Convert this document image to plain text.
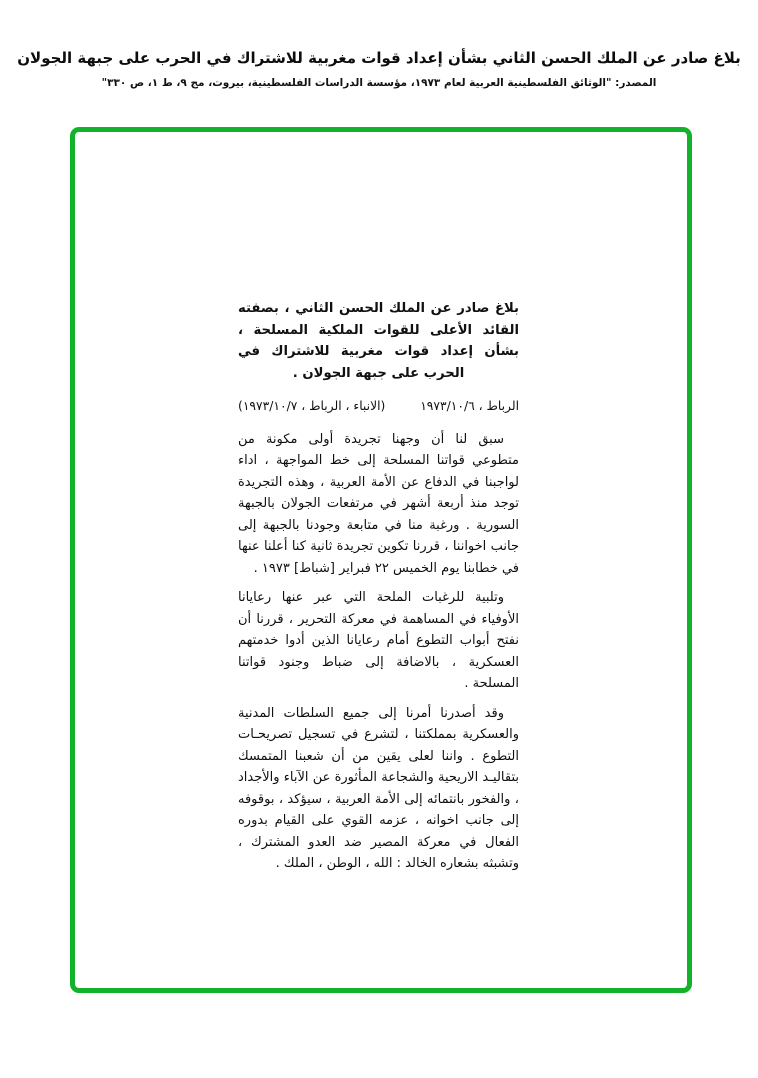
بلاغ صادر عن الملك الحسن الثاني بشأن إعداد قوات مغربية للاشتراك في الحرب على جبهة الجولان
المصدر: "الوثائق الفلسطينية العربية لعام ١٩٧٣، مؤسسة الدراسات الفلسطينية، بيروت، مج ٩، ط ١، ص ٣٣٠"
بلاغ صادر عن الملك الحسن الثاني ، بصفته القائد الأعلى للقوات الملكية المسلحة ، بشأن إعداد قوات مغربية للاشتراك في الحرب على جبهة الجولان .
الرباط ، ١٩٧٣/١٠/٦
(الانباء ، الرباط ، ١٩٧٣/١٠/٧)

سبق لنا أن وجهنا تجريدة أولى مكونة من متطوعي قواتنا المسلحة إلى خط المواجهة ، اداء لواجبنا في الدفاع عن الأمة العربية ، وهذه التجريدة توجد منذ أربعة أشهر في مرتفعات الجولان بالجبهة السورية . ورغبة منا في متابعة وجودنا بالجبهة إلى جانب اخواننا ، قررنا تكوين تجريدة ثانية كنا أعلنا عنها في خطابنا يوم الخميس ٢٢ فبراير [شباط] ١٩٧٣ .

وتلبية للرغبات الملحة التي عبر عنها رعايانا الأوفياء في المساهمة في معركة التحرير ، قررنا أن نفتح أبواب التطوع أمام رعايانا الذين أدوا خدمتهم العسكرية ، بالاضافة إلى ضباط وجنود قواتنا المسلحة .

وقد أصدرنا أمرنا إلى جميع السلطات المدنية والعسكرية بمملكتنا ، لتشرع في تسجيل تصريحـات التطوع . واننا لعلى يقين من أن شعبنا المتمسك بتقاليـد الاريحية والشجاعة المأثورة عن الآباء والأجداد ، والفخور بانتمائه إلى الأمة العربية ، سيؤكد ، بوقوفه إلى جانب اخوانه ، عزمه القوي على القيام بدوره الفعال في معركة المصير ضد العدو المشترك ، وتشبثه بشعاره الخالد : الله ، الوطن ، الملك .
